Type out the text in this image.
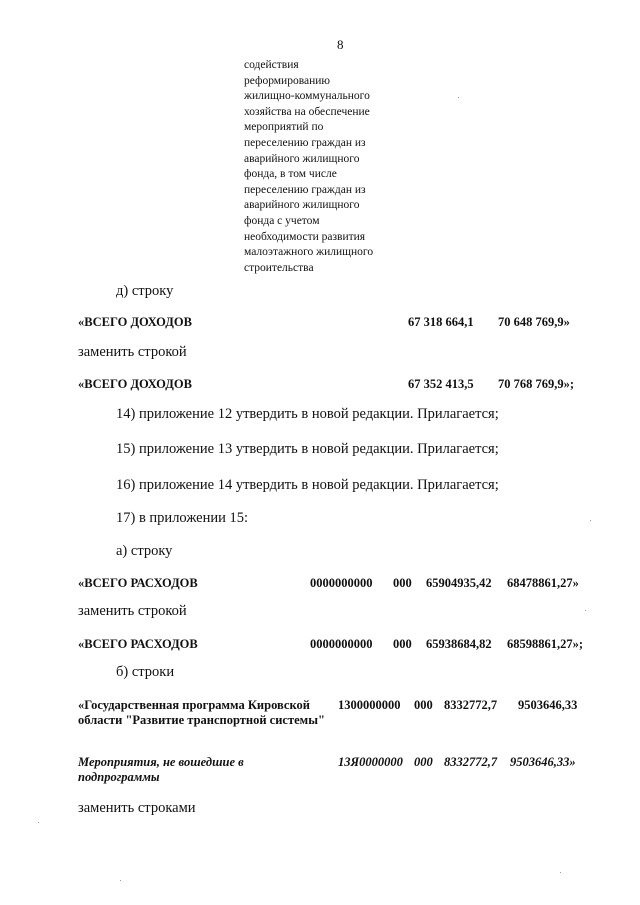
8
содействия
реформированию
жилищно-коммунального
хозяйства на обеспечение
мероприятий по
переселению граждан из
аварийного жилищного
фонда, в том числе
переселению граждан из
аварийного жилищного
фонда с учетом
необходимости развития
малоэтажного жилищного
строительства
д) строку
«ВСЕГО ДОХОДОВ	67 318 664,1 70 648 769,9»
заменить строкой
«ВСЕГО ДОХОДОВ	67 352 413,5 70 768 769,9»;
14) приложение 12 утвердить в новой редакции. Прилагается;
15) приложение 13 утвердить в новой редакции. Прилагается;
16) приложение 14 утвердить в новой редакции. Прилагается;
17) в приложении 15:
а) строку
«ВСЕГО РАСХОДОВ	0000000000 000 65904935,42 68478861,27»
заменить строкой
«ВСЕГО РАСХОДОВ	0000000000 000 65938684,82 68598861,27»;
б) строки
«Государственная программа Кировской области "Развитие транспортной системы"
1300000000 000 8332772,7 9503646,33
Мероприятия, не вошедшие в подпрограммы
13Я0000000 000 8332772,7 9503646,33»
заменить строками
